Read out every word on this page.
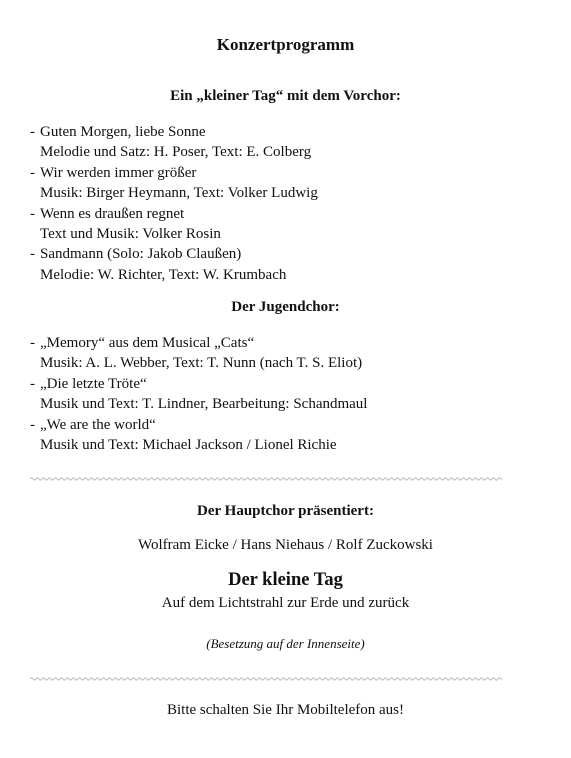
Konzertprogramm
Ein „kleiner Tag“ mit dem Vorchor:
- Guten Morgen, liebe Sonne
Melodie und Satz: H. Poser, Text: E. Colberg
- Wir werden immer größer
Musik: Birger Heymann, Text: Volker Ludwig
- Wenn es draußen regnet
Text und Musik: Volker Rosin
- Sandmann (Solo: Jakob Claußen)
Melodie: W. Richter, Text: W. Krumbach
Der Jugendchor:
- „Memory“ aus dem Musical „Cats“
Musik: A. L. Webber, Text: T. Nunn (nach T. S. Eliot)
- „Die letzte Tröte“
Musik und Text: T. Lindner, Bearbeitung: Schandmaul
- „We are the world“
Musik und Text: Michael Jackson / Lionel Richie
Der Hauptchor präsentiert:
Wolfram Eicke / Hans Niehaus / Rolf Zuckowski
Der kleine Tag
Auf dem Lichtstrahl zur Erde und zurück
(Besetzung auf der Innenseite)
Bitte schalten Sie Ihr Mobiltelefon aus!
